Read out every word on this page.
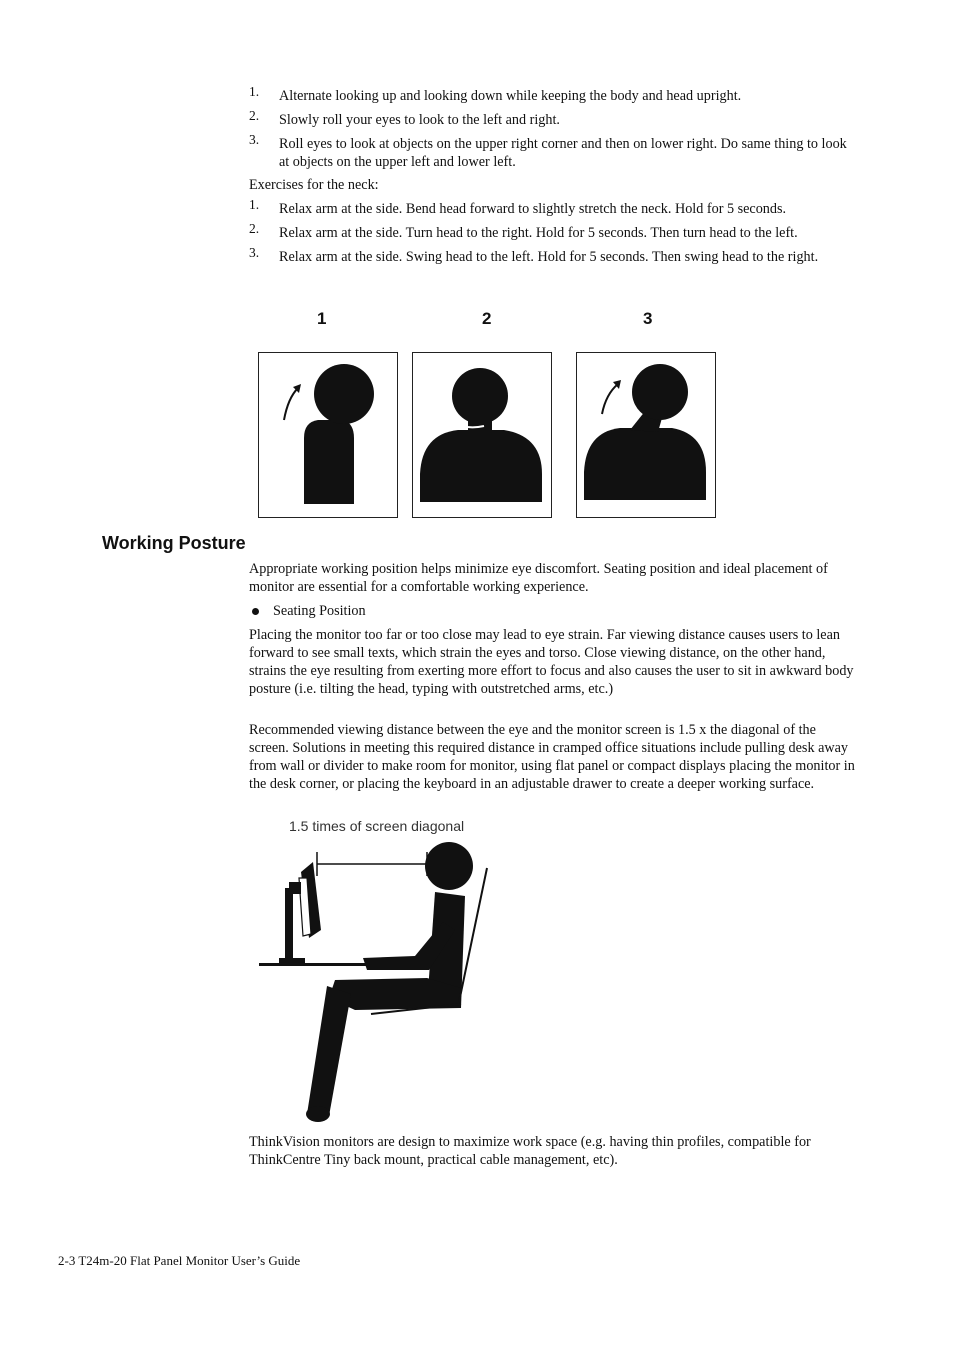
1. Alternate looking up and looking down while keeping the body and head upright.
2. Slowly roll your eyes to look to the left and right.
3. Roll eyes to look at objects on the upper right corner and then on lower right. Do same thing to look at objects on the upper left and lower left.

Exercises for the neck:

1. Relax arm at the side. Bend head forward to slightly stretch the neck. Hold for 5 seconds.
2. Relax arm at the side. Turn head to the right. Hold for 5 seconds. Then turn head to the left.
3. Relax arm at the side. Swing head to the left. Hold for 5 seconds. Then swing head to the right.
1	2	3
Working Posture

Appropriate working position helps minimize eye discomfort. Seating position and ideal placement of monitor are essential for a comfortable working experience.

Seating Position

Placing the monitor too far or too close may lead to eye strain. Far viewing distance causes users to lean forward to see small texts, which strain the eyes and torso. Close viewing distance, on the other hand, strains the eye resulting from exerting more effort to focus and also causes the user to sit in awkward body posture (i.e. tilting the head, typing with outstretched arms, etc.)

Recommended viewing distance between the eye and the monitor screen is 1.5 x the diagonal of the screen. Solutions in meeting this required distance in cramped office situations include pulling desk away from wall or divider to make room for monitor, using flat panel or compact displays placing the monitor in the desk corner, or placing the keyboard in an adjustable drawer to create a deeper working surface.

1.5 times of screen diagonal

ThinkVision monitors are design to maximize work space (e.g. having thin profiles, compatible for ThinkCentre Tiny back mount, practical cable management, etc).

2-3 T24m-20 Flat Panel Monitor User’s Guide
